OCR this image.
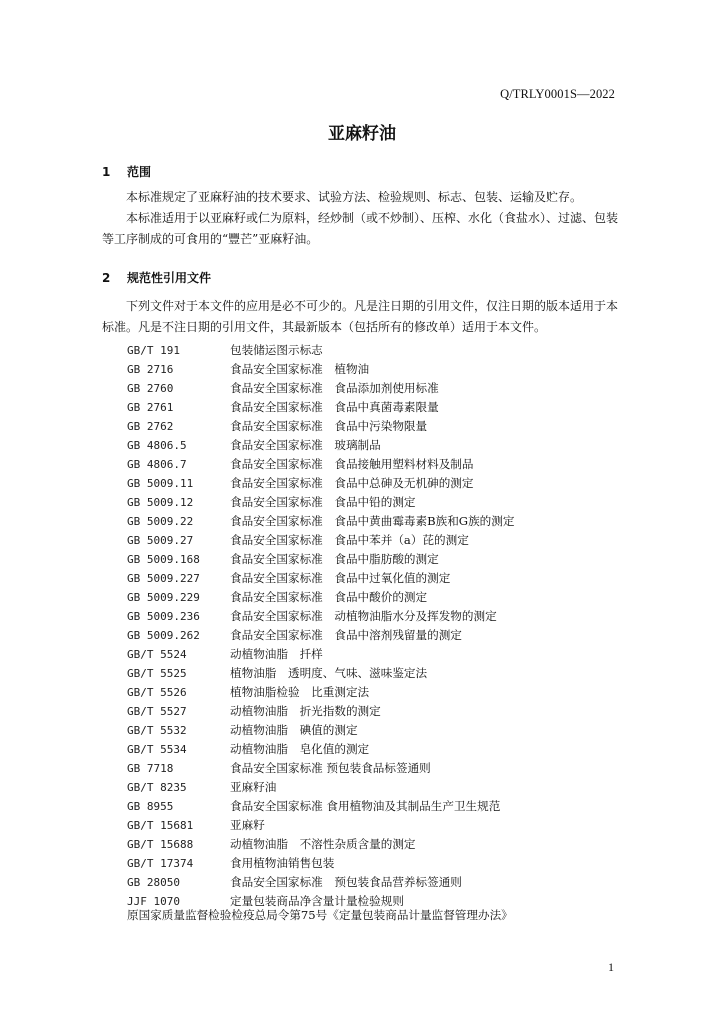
Q/TRLY0001S—2022
亚麻籽油
1 范围
本标准规定了亚麻籽油的技术要求、试验方法、检验规则、标志、包装、运输及贮存。
本标准适用于以亚麻籽或仁为原料，经炒制（或不炒制）、压榨、水化（食盐水）、过滤、包装等工序制成的可食用的“豐芒”亚麻籽油。
2 规范性引用文件
下列文件对于本文件的应用是必不可少的。凡是注日期的引用文件，仅注日期的版本适用于本标准。凡是不注日期的引用文件，其最新版本（包括所有的修改单）适用于本文件。
GB/T 191	包装储运图示标志
GB 2716	食品安全国家标准　植物油
GB 2760	食品安全国家标准　食品添加剂使用标准
GB 2761	食品安全国家标准　食品中真菌毒素限量
GB 2762	食品安全国家标准　食品中污染物限量
GB 4806.5	食品安全国家标准　玻璃制品
GB 4806.7	食品安全国家标准　食品接触用塑料材料及制品
GB 5009.11	食品安全国家标准　食品中总砷及无机砷的测定
GB 5009.12	食品安全国家标准　食品中铅的测定
GB 5009.22	食品安全国家标准　食品中黄曲霉毒素B族和G族的测定
GB 5009.27	食品安全国家标准　食品中苯并（a）芘的测定
GB 5009.168	食品安全国家标准　食品中脂肪酸的测定
GB 5009.227	食品安全国家标准　食品中过氧化值的测定
GB 5009.229	食品安全国家标准　食品中酸价的测定
GB 5009.236	食品安全国家标准　动植物油脂水分及挥发物的测定
GB 5009.262	食品安全国家标准　食品中溶剂残留量的测定
GB/T 5524	动植物油脂　扦样
GB/T 5525	植物油脂　透明度、气味、滋味鉴定法
GB/T 5526	植物油脂检验　比重测定法
GB/T 5527	动植物油脂　折光指数的测定
GB/T 5532	动植物油脂　碘值的测定
GB/T 5534	动植物油脂　皂化值的测定
GB 7718	食品安全国家标准 预包装食品标签通则
GB/T 8235	亚麻籽油
GB 8955	食品安全国家标准 食用植物油及其制品生产卫生规范
GB/T 15681	亚麻籽
GB/T 15688	动植物油脂　不溶性杂质含量的测定
GB/T 17374	食用植物油销售包装
GB 28050	食品安全国家标准　预包装食品营养标签通则
JJF 1070	定量包装商品净含量计量检验规则
原国家质量监督检验检疫总局令第75号《定量包装商品计量监督管理办法》
1
